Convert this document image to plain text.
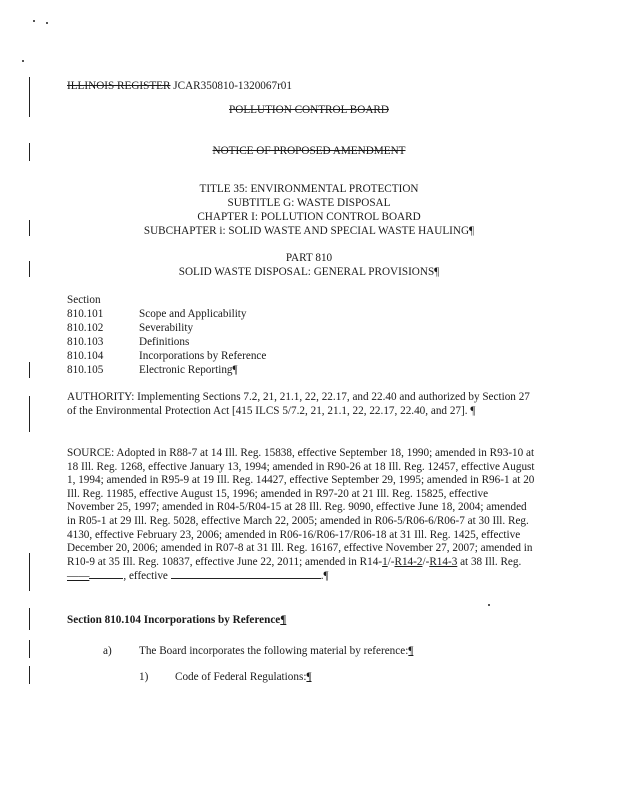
ILLINOIS REGISTER JCAR350810-1320067r01
POLLUTION CONTROL BOARD
NOTICE OF PROPOSED AMENDMENT
TITLE 35: ENVIRONMENTAL PROTECTION
SUBTITLE G: WASTE DISPOSAL
CHAPTER I: POLLUTION CONTROL BOARD
SUBCHAPTER i: SOLID WASTE AND SPECIAL WASTE HAULING¶
PART 810
SOLID WASTE DISPOSAL: GENERAL PROVISIONS¶
Section
810.101	Scope and Applicability
810.102	Severability
810.103	Definitions
810.104	Incorporations by Reference
810.105	Electronic Reporting¶
AUTHORITY: Implementing Sections 7.2, 21, 21.1, 22, 22.17, and 22.40 and authorized by Section 27 of the Environmental Protection Act [415 ILCS 5/7.2, 21, 21.1, 22, 22.17, 22.40, and 27]. ¶
SOURCE: Adopted in R88-7 at 14 Ill. Reg. 15838, effective September 18, 1990; amended in R93-10 at 18 Ill. Reg. 1268, effective January 13, 1994; amended in R90-26 at 18 Ill. Reg. 12457, effective August 1, 1994; amended in R95-9 at 19 Ill. Reg. 14427, effective September 29, 1995; amended in R96-1 at 20 Ill. Reg. 11985, effective August 15, 1996; amended in R97-20 at 21 Ill. Reg. 15825, effective November 25, 1997; amended in R04-5/R04-15 at 28 Ill. Reg. 9090, effective June 18, 2004; amended in R05-1 at 29 Ill. Reg. 5028, effective March 22, 2005; amended in R06-5/R06-6/R06-7 at 30 Ill. Reg. 4130, effective February 23, 2006; amended in R06-16/R06-17/R06-18 at 31 Ill. Reg. 1425, effective December 20, 2006; amended in R07-8 at 31 Ill. Reg. 16167, effective November 27, 2007; amended in R10-9 at 35 Ill. Reg. 10837, effective June 22, 2011; amended in R14-1/-R14-2/-R14-3 at 38 Ill. Reg. ——	, effective	.¶
Section 810.104 Incorporations by Reference¶
a) The Board incorporates the following material by reference:¶
1) Code of Federal Regulations:¶
